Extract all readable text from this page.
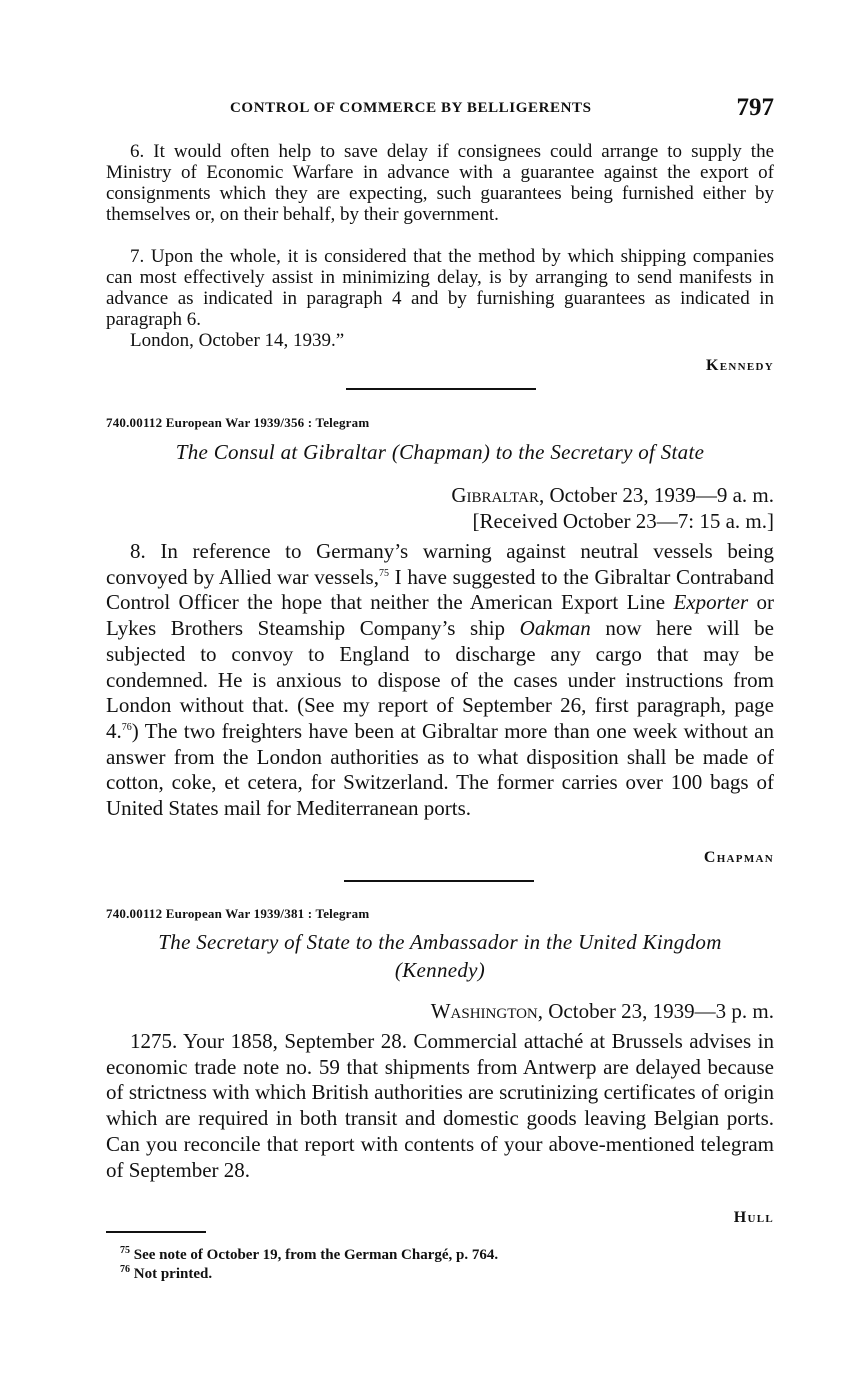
CONTROL OF COMMERCE BY BELLIGERENTS	797

6. It would often help to save delay if consignees could arrange to supply the Ministry of Economic Warfare in advance with a guarantee against the export of consignments which they are expecting, such guarantees being furnished either by themselves or, on their behalf, by their government.

7. Upon the whole, it is considered that the method by which shipping companies can most effectively assist in minimizing delay, is by arranging to send manifests in advance as indicated in paragraph 4 and by furnishing guarantees as indicated in paragraph 6.

London, October 14, 1939.”

Kennedy
740.00112 European War 1939/356 : Telegram
The Consul at Gibraltar (Chapman) to the Secretary of State
Gibraltar, October 23, 1939—9 a. m.
[Received October 23—7: 15 a. m.]

8. In reference to Germany’s warning against neutral vessels being convoyed by Allied war vessels,$^{75}$ I have suggested to the Gibraltar Contraband Control Officer the hope that neither the American Export Line Exporter or Lykes Brothers Steamship Company’s ship Oakman now here will be subjected to convoy to England to discharge any cargo that may be condemned. He is anxious to dispose of the cases under instructions from London without that. (See my report of September 26, first paragraph, page 4.76) The two freighters have been at Gibraltar more than one week without an answer from the London authorities as to what disposition shall be made of cotton, coke, et cetera, for Switzerland. The former carries over 100 bags of United States mail for Mediterranean ports.

Chapman
740.00112 European War 1939/381 : Telegram
The Secretary of State to the Ambassador in the United Kingdom
(Kennedy)
Washington, October 23, 1939—3 p. m.

1275. Your 1858, September 28. Commercial attaché at Brussels advises in economic trade note no. 59 that shipments from Antwerp are delayed because of strictness with which British authorities are scrutinizing certificates of origin which are required in both transit and domestic goods leaving Belgian ports. Can you reconcile that report with contents of your above-mentioned telegram of September 28.

Hull
$^{75}$ See note of October 19, from the German Chargé, p. 764.
$^{76}$ Not printed.
